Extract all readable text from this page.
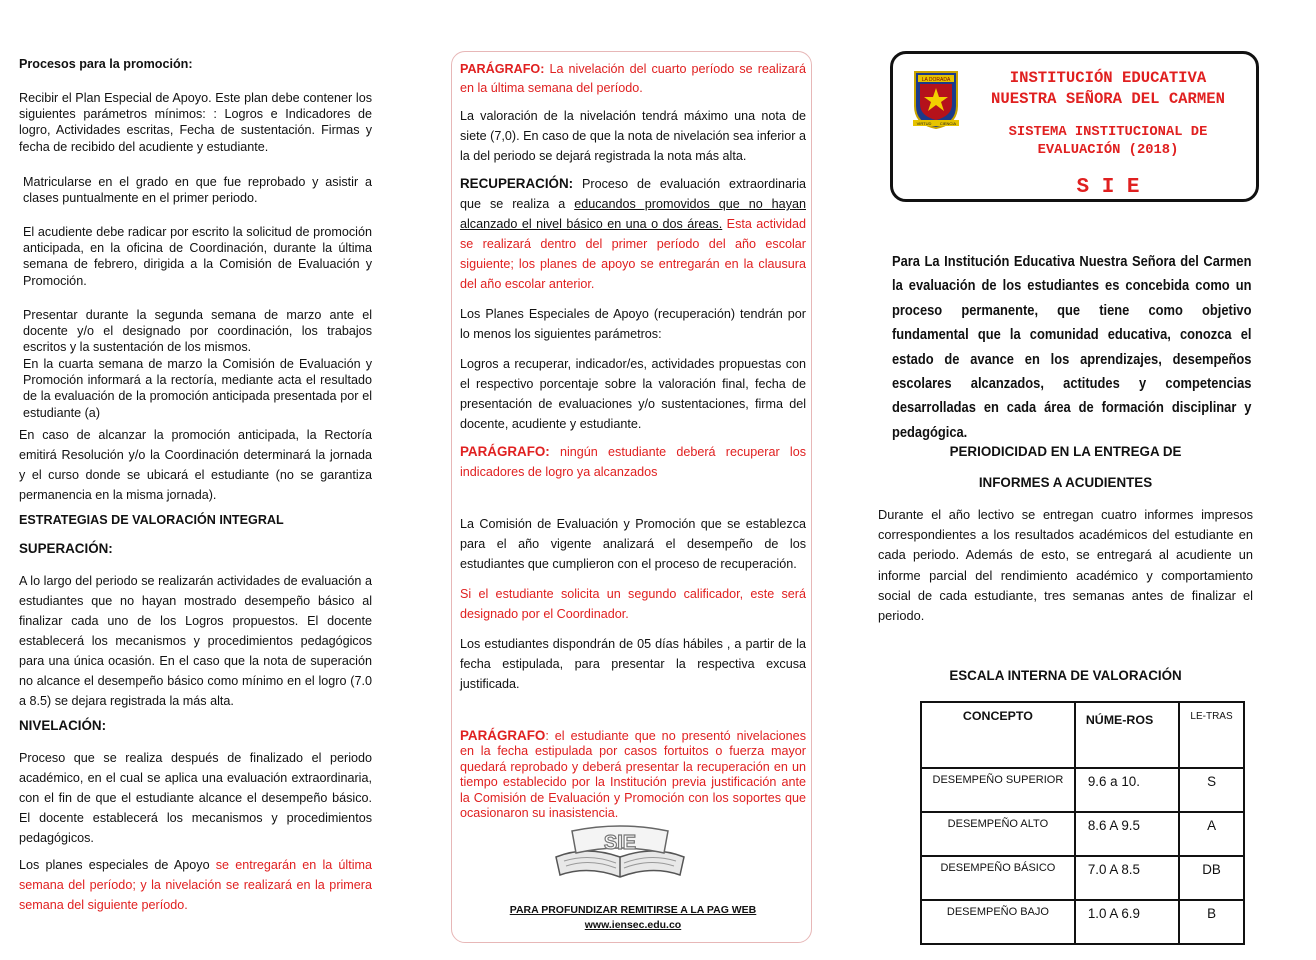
Procesos para la promoción:

Recibir el Plan Especial de Apoyo. Este plan debe contener los siguientes parámetros mínimos: : Logros e Indicadores de logro, Actividades escritas, Fecha de sustentación. Firmas y fecha de recibido del acudiente y estudiante.

Matricularse en el grado en que fue reprobado y asistir a clases puntualmente en el primer periodo.

El acudiente debe radicar por escrito la solicitud de promoción anticipada, en la oficina de Coordinación, durante la última semana de febrero, dirigida a la Comisión de Evaluación y Promoción.

Presentar durante la segunda semana de marzo ante el docente y/o el designado por coordinación, los trabajos escritos y la sustentación de los mismos.

En la cuarta semana de marzo la Comisión de Evaluación y Promoción informará a la rectoría, mediante acta el resultado de la evaluación de la promoción anticipada presentada por el estudiante (a)

En caso de alcanzar la promoción anticipada, la Rectoría emitirá Resolución y/o la Coordinación determinará la jornada y el curso donde se ubicará el estudiante (no se garantiza permanencia en la misma jornada).

ESTRATEGIAS DE VALORACIÓN INTEGRAL

SUPERACIÓN:

A lo largo del periodo se realizarán actividades de evaluación a estudiantes que no hayan mostrado desempeño básico al finalizar cada uno de los Logros propuestos. El docente establecerá los mecanismos y procedimientos pedagógicos para una única ocasión. En el caso que la nota de superación no alcance el desempeño básico como mínimo en el logro (7.0 a 8.5) se dejara registrada la más alta.

NIVELACIÓN:

Proceso que se realiza después de finalizado el periodo académico, en el cual se aplica una evaluación extraordinaria, con el fin de que el estudiante alcance el desempeño básico. El docente establecerá los mecanismos y procedimientos pedagógicos.

Los planes especiales de Apoyo se entregarán en la última semana del período; y la nivelación se realizará en la primera semana del siguiente período.

PARÁGRAFO: La nivelación del cuarto período se realizará en la última semana del período.

La valoración de la nivelación tendrá máximo una nota de siete (7,0). En caso de que la nota de nivelación sea inferior a la del periodo se dejará registrada la nota más alta.

RECUPERACIÓN: Proceso de evaluación extraordinaria que se realiza a educandos promovidos que no hayan alcanzado el nivel básico en una o dos áreas. Esta actividad se realizará dentro del primer período del año escolar siguiente; los planes de apoyo se entregarán en la clausura del año escolar anterior.

Los Planes Especiales de Apoyo (recuperación) tendrán por lo menos los siguientes parámetros:

Logros a recuperar, indicador/es, actividades propuestas con el respectivo porcentaje sobre la valoración final, fecha de presentación de evaluaciones y/o sustentaciones, firma del docente, acudiente y estudiante.

PARÁGRAFO: ningún estudiante deberá recuperar los indicadores de logro ya alcanzados

La Comisión de Evaluación y Promoción que se establezca para el año vigente analizará el desempeño de los estudiantes que cumplieron con el proceso de recuperación.

Si el estudiante solicita un segundo calificador, este será designado por el Coordinador.

Los estudiantes dispondrán de 05 días hábiles , a partir de la fecha estipulada, para presentar la respectiva excusa justificada.

PARÁGRAFO: el estudiante que no presentó nivelaciones en la fecha estipulada por casos fortuitos o fuerza mayor quedará reprobado y deberá presentar la recuperación en un tiempo establecido por la Institución previa justificación ante la Comisión de Evaluación y Promoción con los soportes que ocasionaron su inasistencia.

SIE

PARA PROFUNDIZAR REMITIRSE A LA PAG WEB

www.iensec.edu.co

LA DORADA
VIRTUD CIENCIA
INSTITUCIÓN EDUCATIVA
NUESTRA SEÑORA DEL CARMEN
SISTEMA INSTITUCIONAL DE
EVALUACIÓN (2018)
S I E

Para La Institución Educativa Nuestra Señora del Carmen la evaluación de los estudiantes es concebida como un proceso permanente, que tiene como objetivo fundamental que la comunidad educativa, conozca el estado de avance en los aprendizajes, desempeños escolares alcanzados, actitudes y competencias desarrolladas en cada área de formación disciplinar y pedagógica.

PERIODICIDAD EN LA ENTREGA DE

INFORMES A ACUDIENTES

Durante el año lectivo se entregan cuatro informes impresos correspondientes a los resultados académicos del estudiante en cada periodo. Además de esto, se entregará al acudiente un informe parcial del rendimiento académico y comportamiento social de cada estudiante, tres semanas antes de finalizar el periodo.

ESCALA INTERNA DE VALORACIÓN

CONCEPTO	NÚME-ROS	LE-TRAS
DESEMPEÑO SUPERIOR	9.6 a 10.	S
DESEMPEÑO ALTO	8.6 A 9.5	A
DESEMPEÑO BÁSICO	7.0 A 8.5	DB
DESEMPEÑO BAJO	1.0 A 6.9	B
